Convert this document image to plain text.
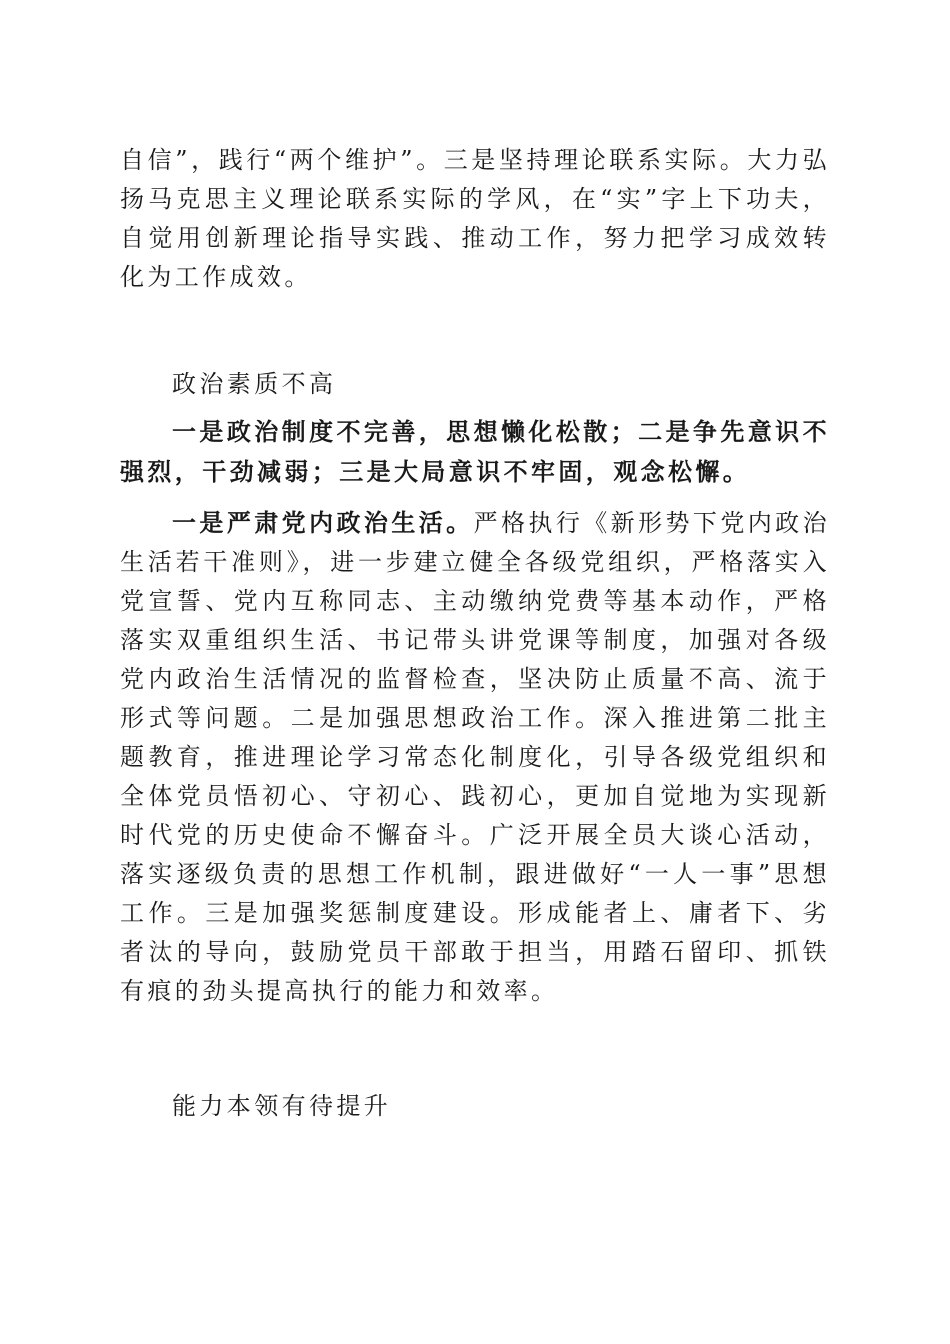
自信”，践行“两个维护”。三是坚持理论联系实际。大力弘扬马克思主义理论联系实际的学风，在“实”字上下功夫，自觉用创新理论指导实践、推动工作，努力把学习成效转化为工作成效。

政治素质不高

一是政治制度不完善，思想懒化松散；二是争先意识不强烈，干劲减弱；三是大局意识不牢固，观念松懈。

一是严肃党内政治生活。严格执行《新形势下党内政治生活若干准则》，进一步建立健全各级党组织，严格落实入党宣誓、党内互称同志、主动缴纳党费等基本动作，严格落实双重组织生活、书记带头讲党课等制度，加强对各级党内政治生活情况的监督检查，坚决防止质量不高、流于形式等问题。二是加强思想政治工作。深入推进第二批主题教育，推进理论学习常态化制度化，引导各级党组织和全体党员悟初心、守初心、践初心，更加自觉地为实现新时代党的历史使命不懈奋斗。广泛开展全员大谈心活动，落实逐级负责的思想工作机制，跟进做好“一人一事”思想工作。三是加强奖惩制度建设。形成能者上、庸者下、劣者汰的导向，鼓励党员干部敢于担当，用踏石留印、抓铁有痕的劲头提高执行的能力和效率。

能力本领有待提升
